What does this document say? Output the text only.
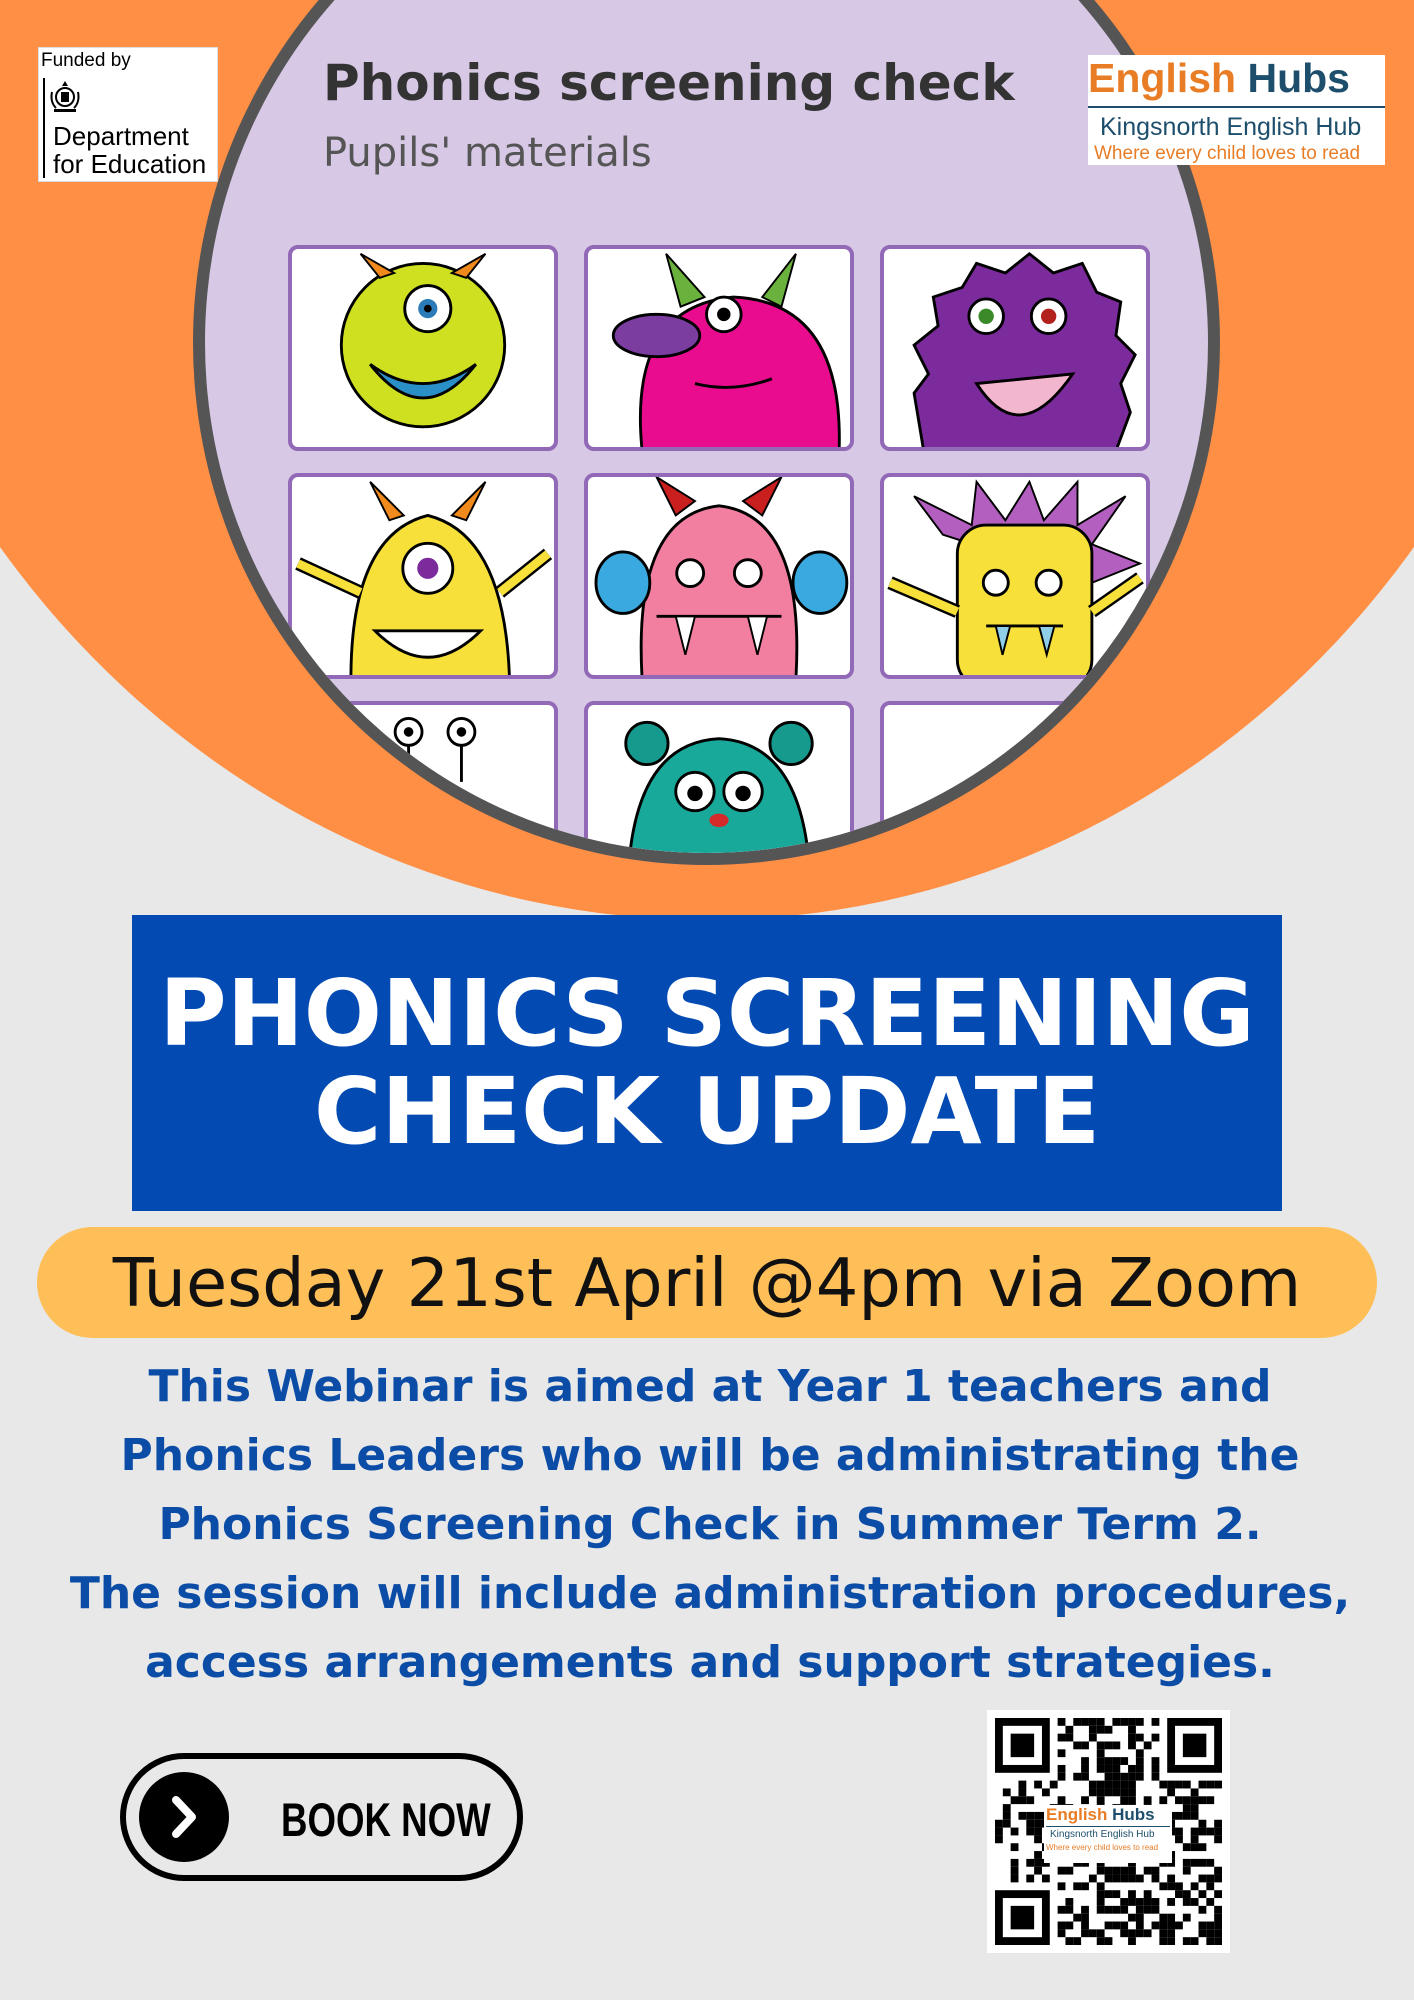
Phonics screening check
Pupils' materials
Funded by
Department
for Education
English Hubs
Kingsnorth English Hub
Where every child loves to read
PHONICS SCREENING
CHECK UPDATE
Tuesday 21st April @4pm via Zoom
This Webinar is aimed at Year 1 teachers and
Phonics Leaders who will be administrating the
Phonics Screening Check in Summer Term 2.
The session will include administration procedures,
access arrangements and support strategies.
BOOK NOW	English Hubs
Kingsnorth English Hub
Where every child loves to read
